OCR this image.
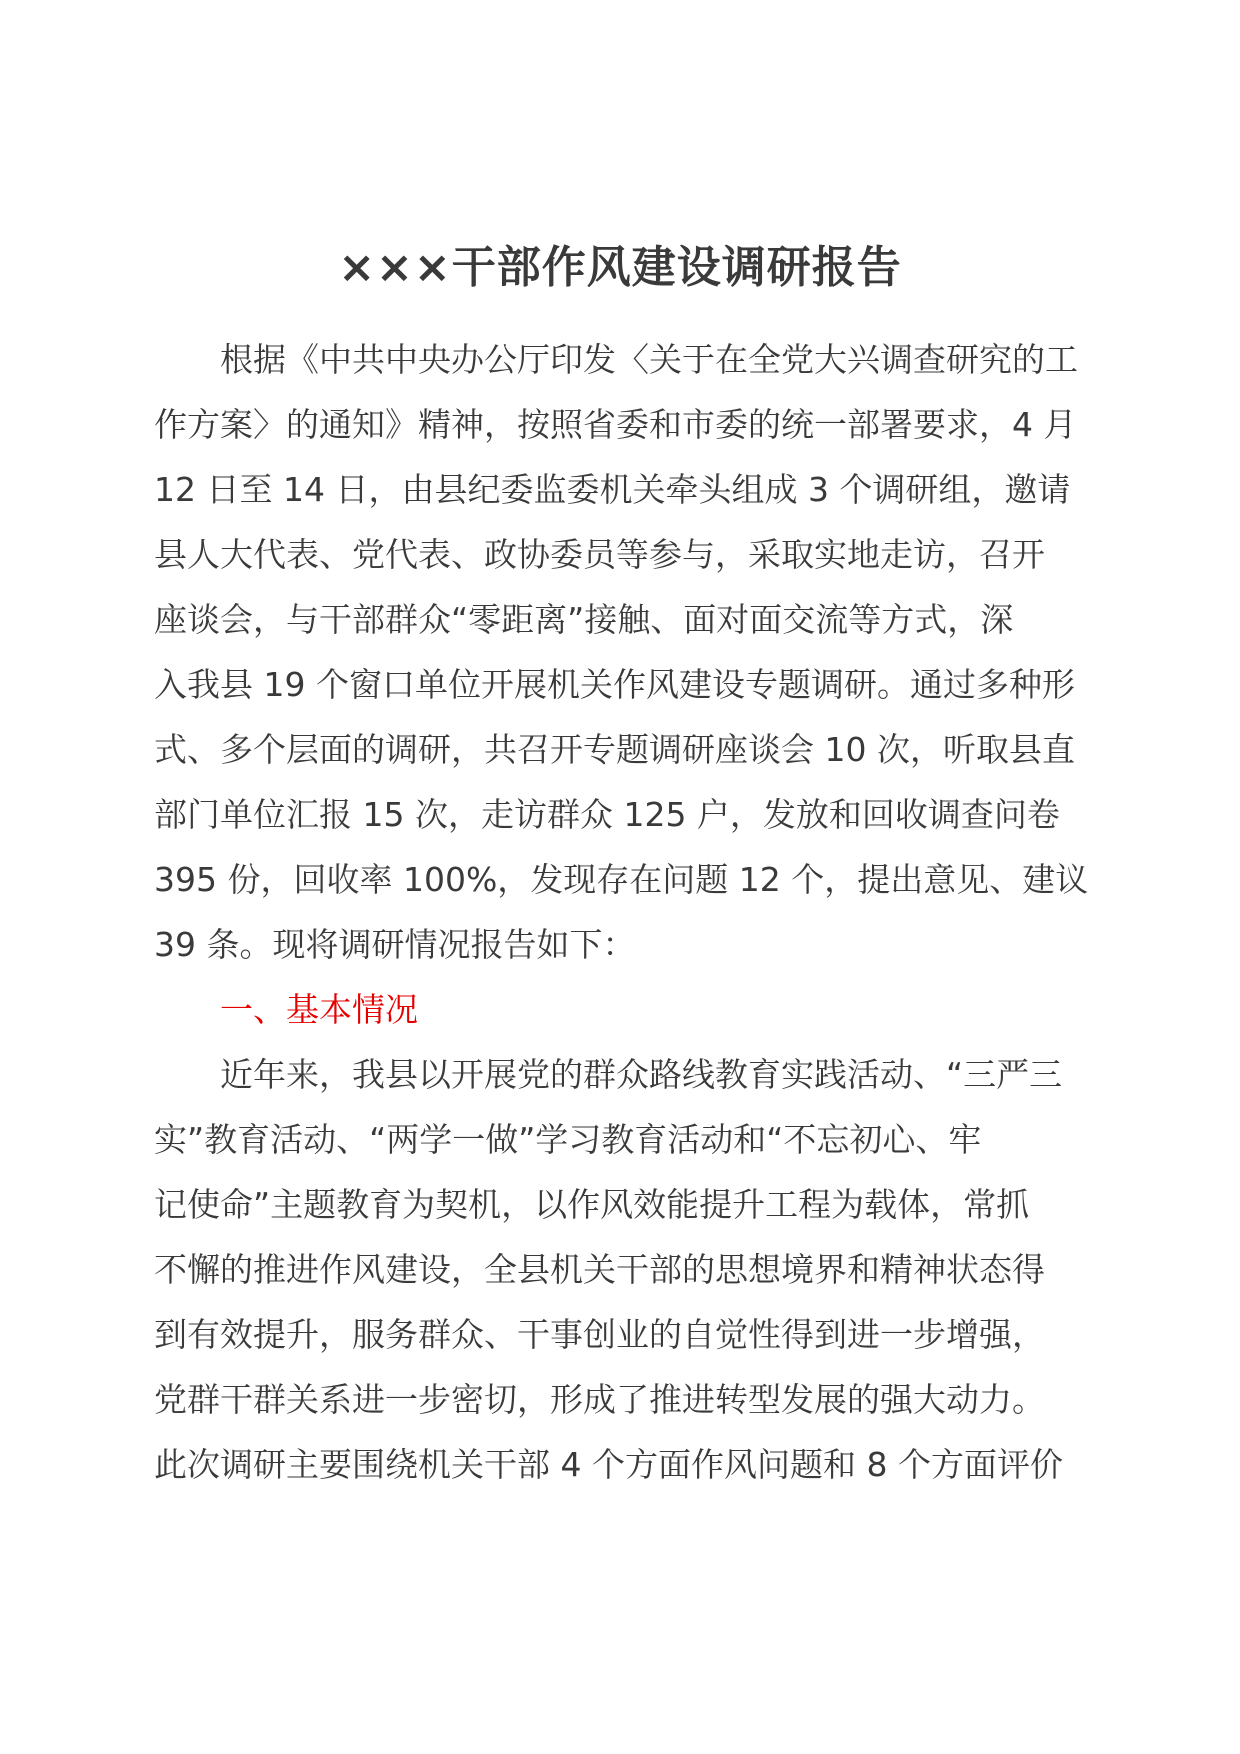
×××干部作风建设调研报告
　　根据《中共中央办公厅印发〈关于在全党大兴调查研究的工
作方案〉的通知》精神，按照省委和市委的统一部署要求，4 月
12 日至 14 日，由县纪委监委机关牵头组成 3 个调研组，邀请
县人大代表、党代表、政协委员等参与，采取实地走访，召开
座谈会，与干部群众“零距离”接触、面对面交流等方式，深
入我县 19 个窗口单位开展机关作风建设专题调研。通过多种形
式、多个层面的调研，共召开专题调研座谈会 10 次，听取县直
部门单位汇报 15 次，走访群众 125 户，发放和回收调查问卷
395 份，回收率 100%，发现存在问题 12 个，提出意见、建议
39 条。现将调研情况报告如下：
　　一、基本情况
　　近年来，我县以开展党的群众路线教育实践活动、“三严三
实”教育活动、“两学一做”学习教育活动和“不忘初心、牢
记使命”主题教育为契机，以作风效能提升工程为载体，常抓
不懈的推进作风建设，全县机关干部的思想境界和精神状态得
到有效提升，服务群众、干事创业的自觉性得到进一步增强，
党群干群关系进一步密切，形成了推进转型发展的强大动力。
此次调研主要围绕机关干部 4 个方面作风问题和 8 个方面评价
